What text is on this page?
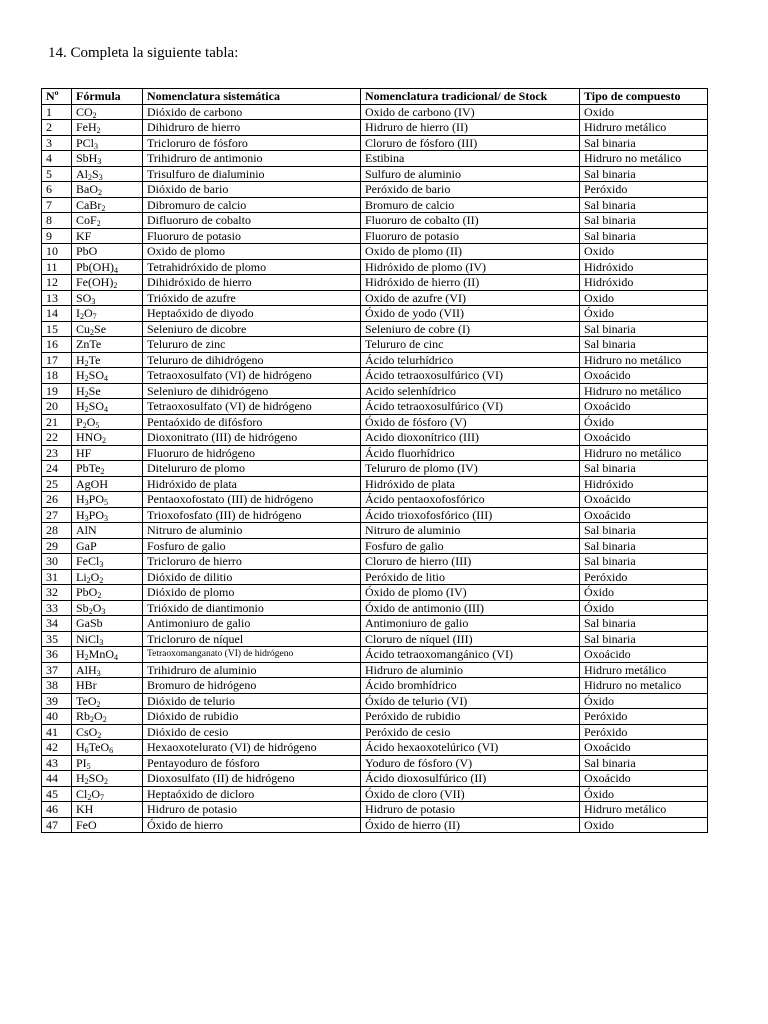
14. Completa la siguiente tabla:
Nº	Fórmula	Nomenclatura sistemática	Nomenclatura tradicional/ de Stock	Tipo de compuesto
1	$CO_2$	Dióxido de carbono	Oxido de carbono (IV)	Oxido
2	FeH$_2$	Dihidruro de hierro	Hidruro de hierro (II)	Hidruro metálico
3	PCl$_3$	Tricloruro de fósforo	Cloruro de fósforo (III)	Sal binaria
4	SbH$_3$	Trihidruro de antimonio	Estibina	Hidruro no metálico
5	$Al_2S_3$	Trisulfuro de dialuminio	Sulfuro de aluminio	Sal binaria
6	BaO$_2$	Dióxido de bario	Peróxido de bario	Peróxido
7	CaBr$_2$	Dibromuro de calcio	Bromuro de calcio	Sal binaria
8	CoF$_2$	Difluoruro de cobalto	Fluoruro de cobalto (II)	Sal binaria
9	KF	Fluoruro de potasio	Fluoruro de potasio	Sal binaria
10	PbO	Oxido de plomo	Oxido de plomo (II)	Oxido
11	$Pb(OH)_4$	Tetrahidróxido de plomo	Hidróxido de plomo (IV)	Hidróxido
12	$Fe(OH)_2$	Dihidróxido de hierro	Hidróxido de hierro (II)	Hidróxido
13	$SO_3$	Trióxido de azufre	Oxido de azufre (VI)	Oxido
14	$I_2O_7$	Heptaóxido de diyodo	Óxido de yodo (VII)	Óxido
15	$Cu_2Se$	Seleniuro de dicobre	Seleniuro de cobre (I)	Sal binaria
16	ZnTe	Telururo de zinc	Telururo de cinc	Sal binaria
17	$H_2Te$	Telururo de dihidrógeno	Ácido telurhídrico	Hidruro no metálico
18	$H_2SO_4$	Tetraoxosulfato (VI) de hidrógeno	Ácido tetraoxosulfúrico (VI)	Oxoácido
19	$H_2Se$	Seleniuro de dihidrógeno	Acido selenhídrico	Hidruro no metálico
20	$H_2SO_4$	Tetraoxosulfato (VI) de hidrógeno	Ácido tetraoxosulfúrico (VI)	Oxoácido
21	$P_2O_5$	Pentaóxido de difósforo	Óxido de fósforo (V)	Óxido
22	$HNO_2$	Dioxonitrato (III) de hidrógeno	Acido dioxonítrico (III)	Oxoácido
23	HF	Fluoruro de hidrógeno	Ácido fluorhídrico	Hidruro no metálico
24	PbTe$_2$	Ditelururo de plomo	Telururo de plomo (IV)	Sal binaria
25	AgOH	Hidróxido de plata	Hidróxido de plata	Hidróxido
26	$H_3PO_5$	Pentaoxofostato (III) de hidrógeno	Ácido pentaoxofosfórico	Oxoácido
27	$H_3PO_3$	Trioxofosfato (III) de hidrógeno	Ácido trioxofosfórico (III)	Oxoácido
28	AlN	Nitruro de aluminio	Nitruro de aluminio	Sal binaria
29	GaP	Fosfuro de galio	Fosfuro de galio	Sal binaria
30	FeCl$_3$	Tricloruro de hierro	Cloruro de hierro (III)	Sal binaria
31	$Li_2O_2$	Dióxido de dilitio	Peróxido de litio	Peróxido
32	PbO$_2$	Dióxido de plomo	Óxido de plomo (IV)	Óxido
33	$Sb_2O_3$	Trióxido de diantimonio	Óxido de antimonio (III)	Óxido
34	GaSb	Antimoniuro de galio	Antimoniuro de galio	Sal binaria
35	NiCl$_3$	Tricloruro de níquel	Cloruro de níquel (III)	Sal binaria
36	$H_2MnO_4$	Tetraoxomanganato (VI) de hidrógeno	Ácido tetraoxomangánico (VI)	Oxoácido
37	AlH$_3$	Trihidruro de aluminio	Hidruro de aluminio	Hidruro metálico
38	HBr	Bromuro de hidrógeno	Ácido bromhídrico	Hidruro no metalico
39	TeO$_2$	Dióxido de telurio	Óxido de telurio (VI)	Óxido
40	$Rb_2O_2$	Dióxido de rubidio	Peróxido de rubidio	Peróxido
41	CsO$_2$	Dióxido de cesio	Peróxido de cesio	Peróxido
42	$H_6TeO_6$	Hexaoxotelurato (VI) de hidrógeno	Ácido hexaoxotelúrico (VI)	Oxoácido
43	$PI_5$	Pentayoduro de fósforo	Yoduro de fósforo (V)	Sal binaria
44	$H_2SO_2$	Dioxosulfato (II) de hidrógeno	Ácido dioxosulfúrico (II)	Oxoácido
45	$Cl_2O_7$	Heptaóxido de dicloro	Óxido de cloro (VII)	Óxido
46	KH	Hidruro de potasio	Hidruro de potasio	Hidruro metálico
47	FeO	Óxido de hierro	Óxido de hierro (II)	Oxido
